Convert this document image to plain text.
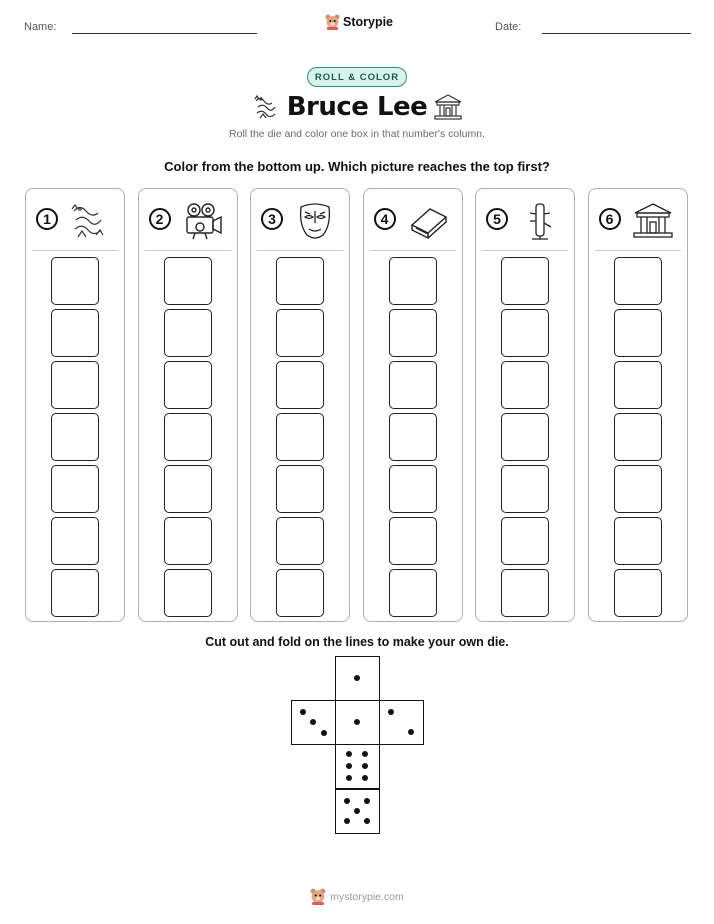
Name:	Storypie	Date:
ROLL & COLOR
Bruce Lee
Roll the die and color one box in that number's column.
Color from the bottom up. Which picture reaches the top first?
1	2	3	4	5	6
Cut out and fold on the lines to make your own die.
mystorypie.com
